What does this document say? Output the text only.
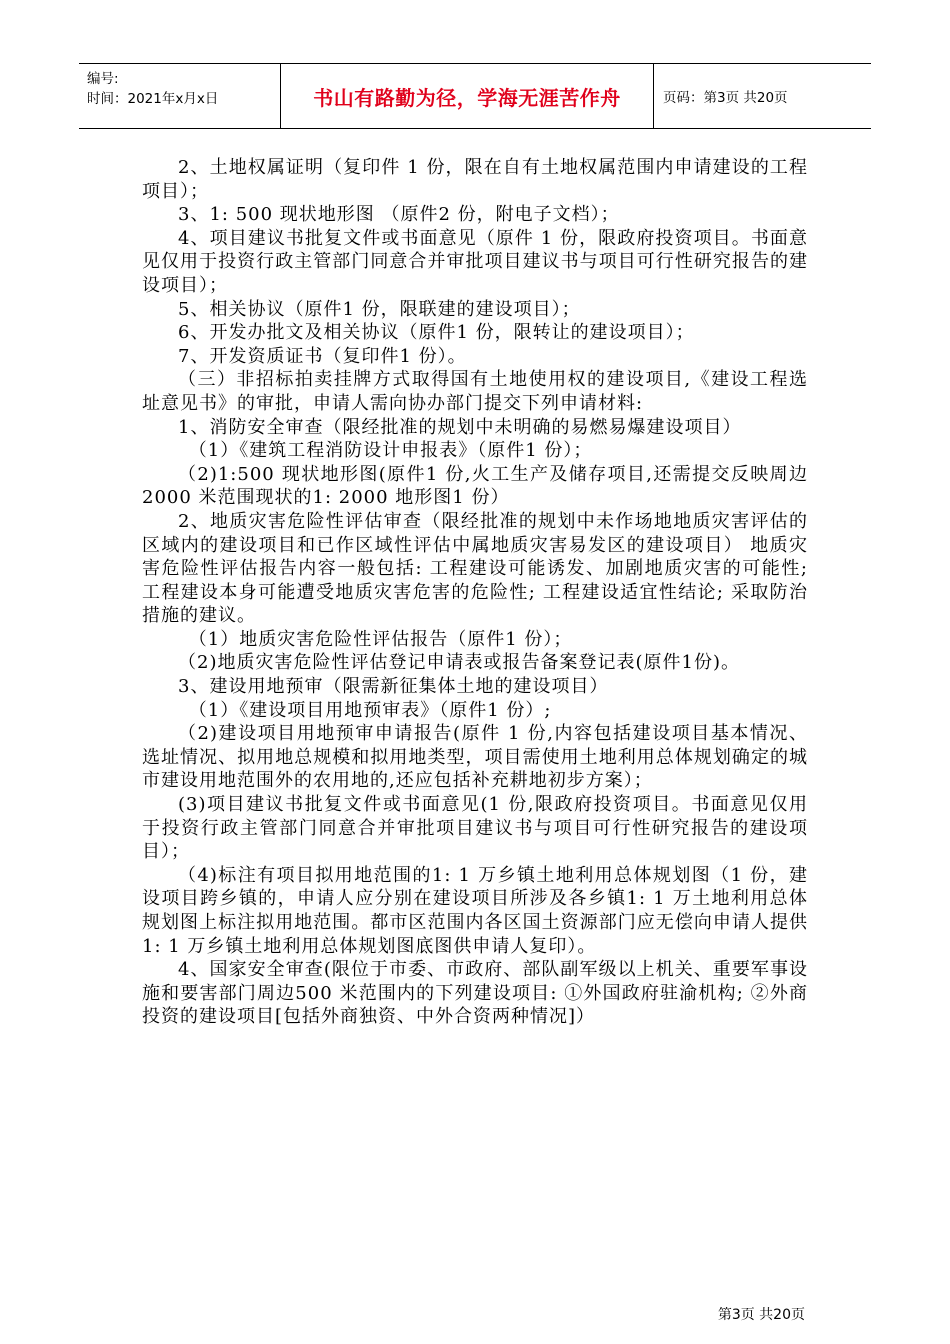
编号:
时间：2021年x月x日	书山有路勤为径，学海无涯苦作舟	页码：第3页 共20页

2、土地权属证明（复印件 1 份，限在自有土地权属范围内申请建设的工程项目）；

3、1: 500 现状地形图 （原件2 份，附电子文档）；

4、项目建议书批复文件或书面意见（原件 1 份，限政府投资项目。书面意见仅用于投资行政主管部门同意合并审批项目建议书与项目可行性研究报告的建设项目）；

5、相关协议（原件1 份，限联建的建设项目）；

6、开发办批文及相关协议（原件1 份，限转让的建设项目）；

7、开发资质证书（复印件1 份）。

（三）非招标拍卖挂牌方式取得国有土地使用权的建设项目,《建设工程选址意见书》的审批，申请人需向协办部门提交下列申请材料:

1、消防安全审查（限经批准的规划中未明确的易燃易爆建设项目）

（1）《建筑工程消防设计申报表》（原件1 份）；

（2)1:500 现状地形图(原件1 份,火工生产及储存项目,还需提交反映周边2000 米范围现状的1: 2000 地形图1 份）

2、地质灾害危险性评估审查（限经批准的规划中未作场地地质灾害评估的区域内的建设项目和已作区域性评估中属地质灾害易发区的建设项目） 地质灾害危险性评估报告内容一般包括: 工程建设可能诱发、加剧地质灾害的可能性; 工程建设本身可能遭受地质灾害危害的危险性; 工程建设适宜性结论; 采取防治措施的建议。

（1）地质灾害危险性评估报告（原件1 份）；

（2)地质灾害危险性评估登记申请表或报告备案登记表(原件1份)。

3、建设用地预审（限需新征集体土地的建设项目）

（1）《建设项目用地预审表》（原件1 份）;

（2)建设项目用地预审申请报告(原件 1 份,内容包括建设项目基本情况、选址情况、拟用地总规模和拟用地类型，项目需使用土地利用总体规划确定的城市建设用地范围外的农用地的,还应包括补充耕地初步方案）；

(3)项目建议书批复文件或书面意见(1 份,限政府投资项目。书面意见仅用于投资行政主管部门同意合并审批项目建议书与项目可行性研究报告的建设项目）；

（4)标注有项目拟用地范围的1: 1 万乡镇土地利用总体规划图（1 份，建设项目跨乡镇的，申请人应分别在建设项目所涉及各乡镇1: 1 万土地利用总体规划图上标注拟用地范围。都市区范围内各区国土资源部门应无偿向申请人提供 1: 1 万乡镇土地利用总体规划图底图供申请人复印）。

4、国家安全审查(限位于市委、市政府、部队副军级以上机关、重要军事设施和要害部门周边500 米范围内的下列建设项目: ①外国政府驻渝机构; ②外商投资的建设项目[包括外商独资、中外合资两种情况]）

第3页 共20页
